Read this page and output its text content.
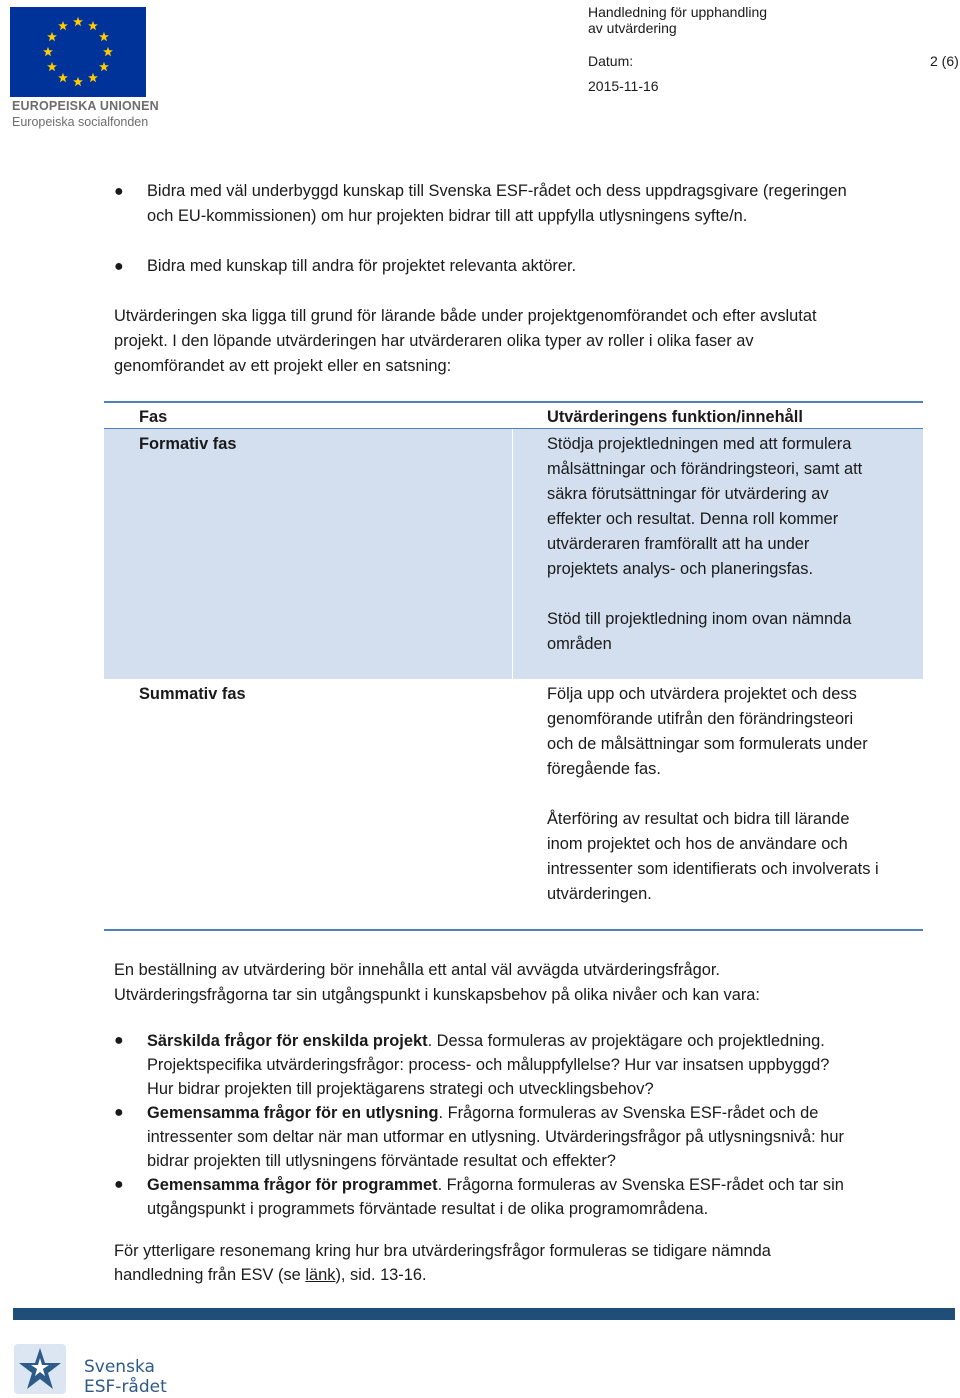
EUROPEISKA UNIONEN
Europeiska socialfonden
Handledning för upphandling
av utvärdering
Datum:	2 (6)
2015-11-16
● Bidra med väl underbyggd kunskap till Svenska ESF-rådet och dess uppdragsgivare (regeringen
och EU-kommissionen) om hur projekten bidrar till att uppfylla utlysningens syfte/n.
● Bidra med kunskap till andra för projektet relevanta aktörer.
Utvärderingen ska ligga till grund för lärande både under projektgenomförandet och efter avslutat
projekt. I den löpande utvärderingen har utvärderaren olika typer av roller i olika faser av
genomförandet av ett projekt eller en satsning:
Fas	Utvärderingens funktion/innehåll
Formativ fas	Stödja projektledningen med att formulera
målsättningar och förändringsteori, samt att
säkra förutsättningar för utvärdering av
effekter och resultat. Denna roll kommer
utvärderaren framförallt att ha under
projektets analys- och planeringsfas.
Stöd till projektledning inom ovan nämnda
områden
Summativ fas	Följa upp och utvärdera projektet och dess
genomförande utifrån den förändringsteori
och de målsättningar som formulerats under
föregående fas.
Återföring av resultat och bidra till lärande
inom projektet och hos de användare och
intressenter som identifierats och involverats i
utvärderingen.
En beställning av utvärdering bör innehålla ett antal väl avvägda utvärderingsfrågor.
Utvärderingsfrågorna tar sin utgångspunkt i kunskapsbehov på olika nivåer och kan vara:
● Särskilda frågor för enskilda projekt. Dessa formuleras av projektägare och projektledning.
Projektspecifika utvärderingsfrågor: process- och måluppfyllelse? Hur var insatsen uppbyggd?
Hur bidrar projekten till projektägarens strategi och utvecklingsbehov?
● Gemensamma frågor för en utlysning. Frågorna formuleras av Svenska ESF-rådet och de
intressenter som deltar när man utformar en utlysning. Utvärderingsfrågor på utlysningsnivå: hur
bidrar projekten till utlysningens förväntade resultat och effekter?
● Gemensamma frågor för programmet. Frågorna formuleras av Svenska ESF-rådet och tar sin
utgångspunkt i programmets förväntade resultat i de olika programområdena.
För ytterligare resonemang kring hur bra utvärderingsfrågor formuleras se tidigare nämnda
handledning från ESV (se länk), sid. 13-16.
Svenska
ESF-rådet
